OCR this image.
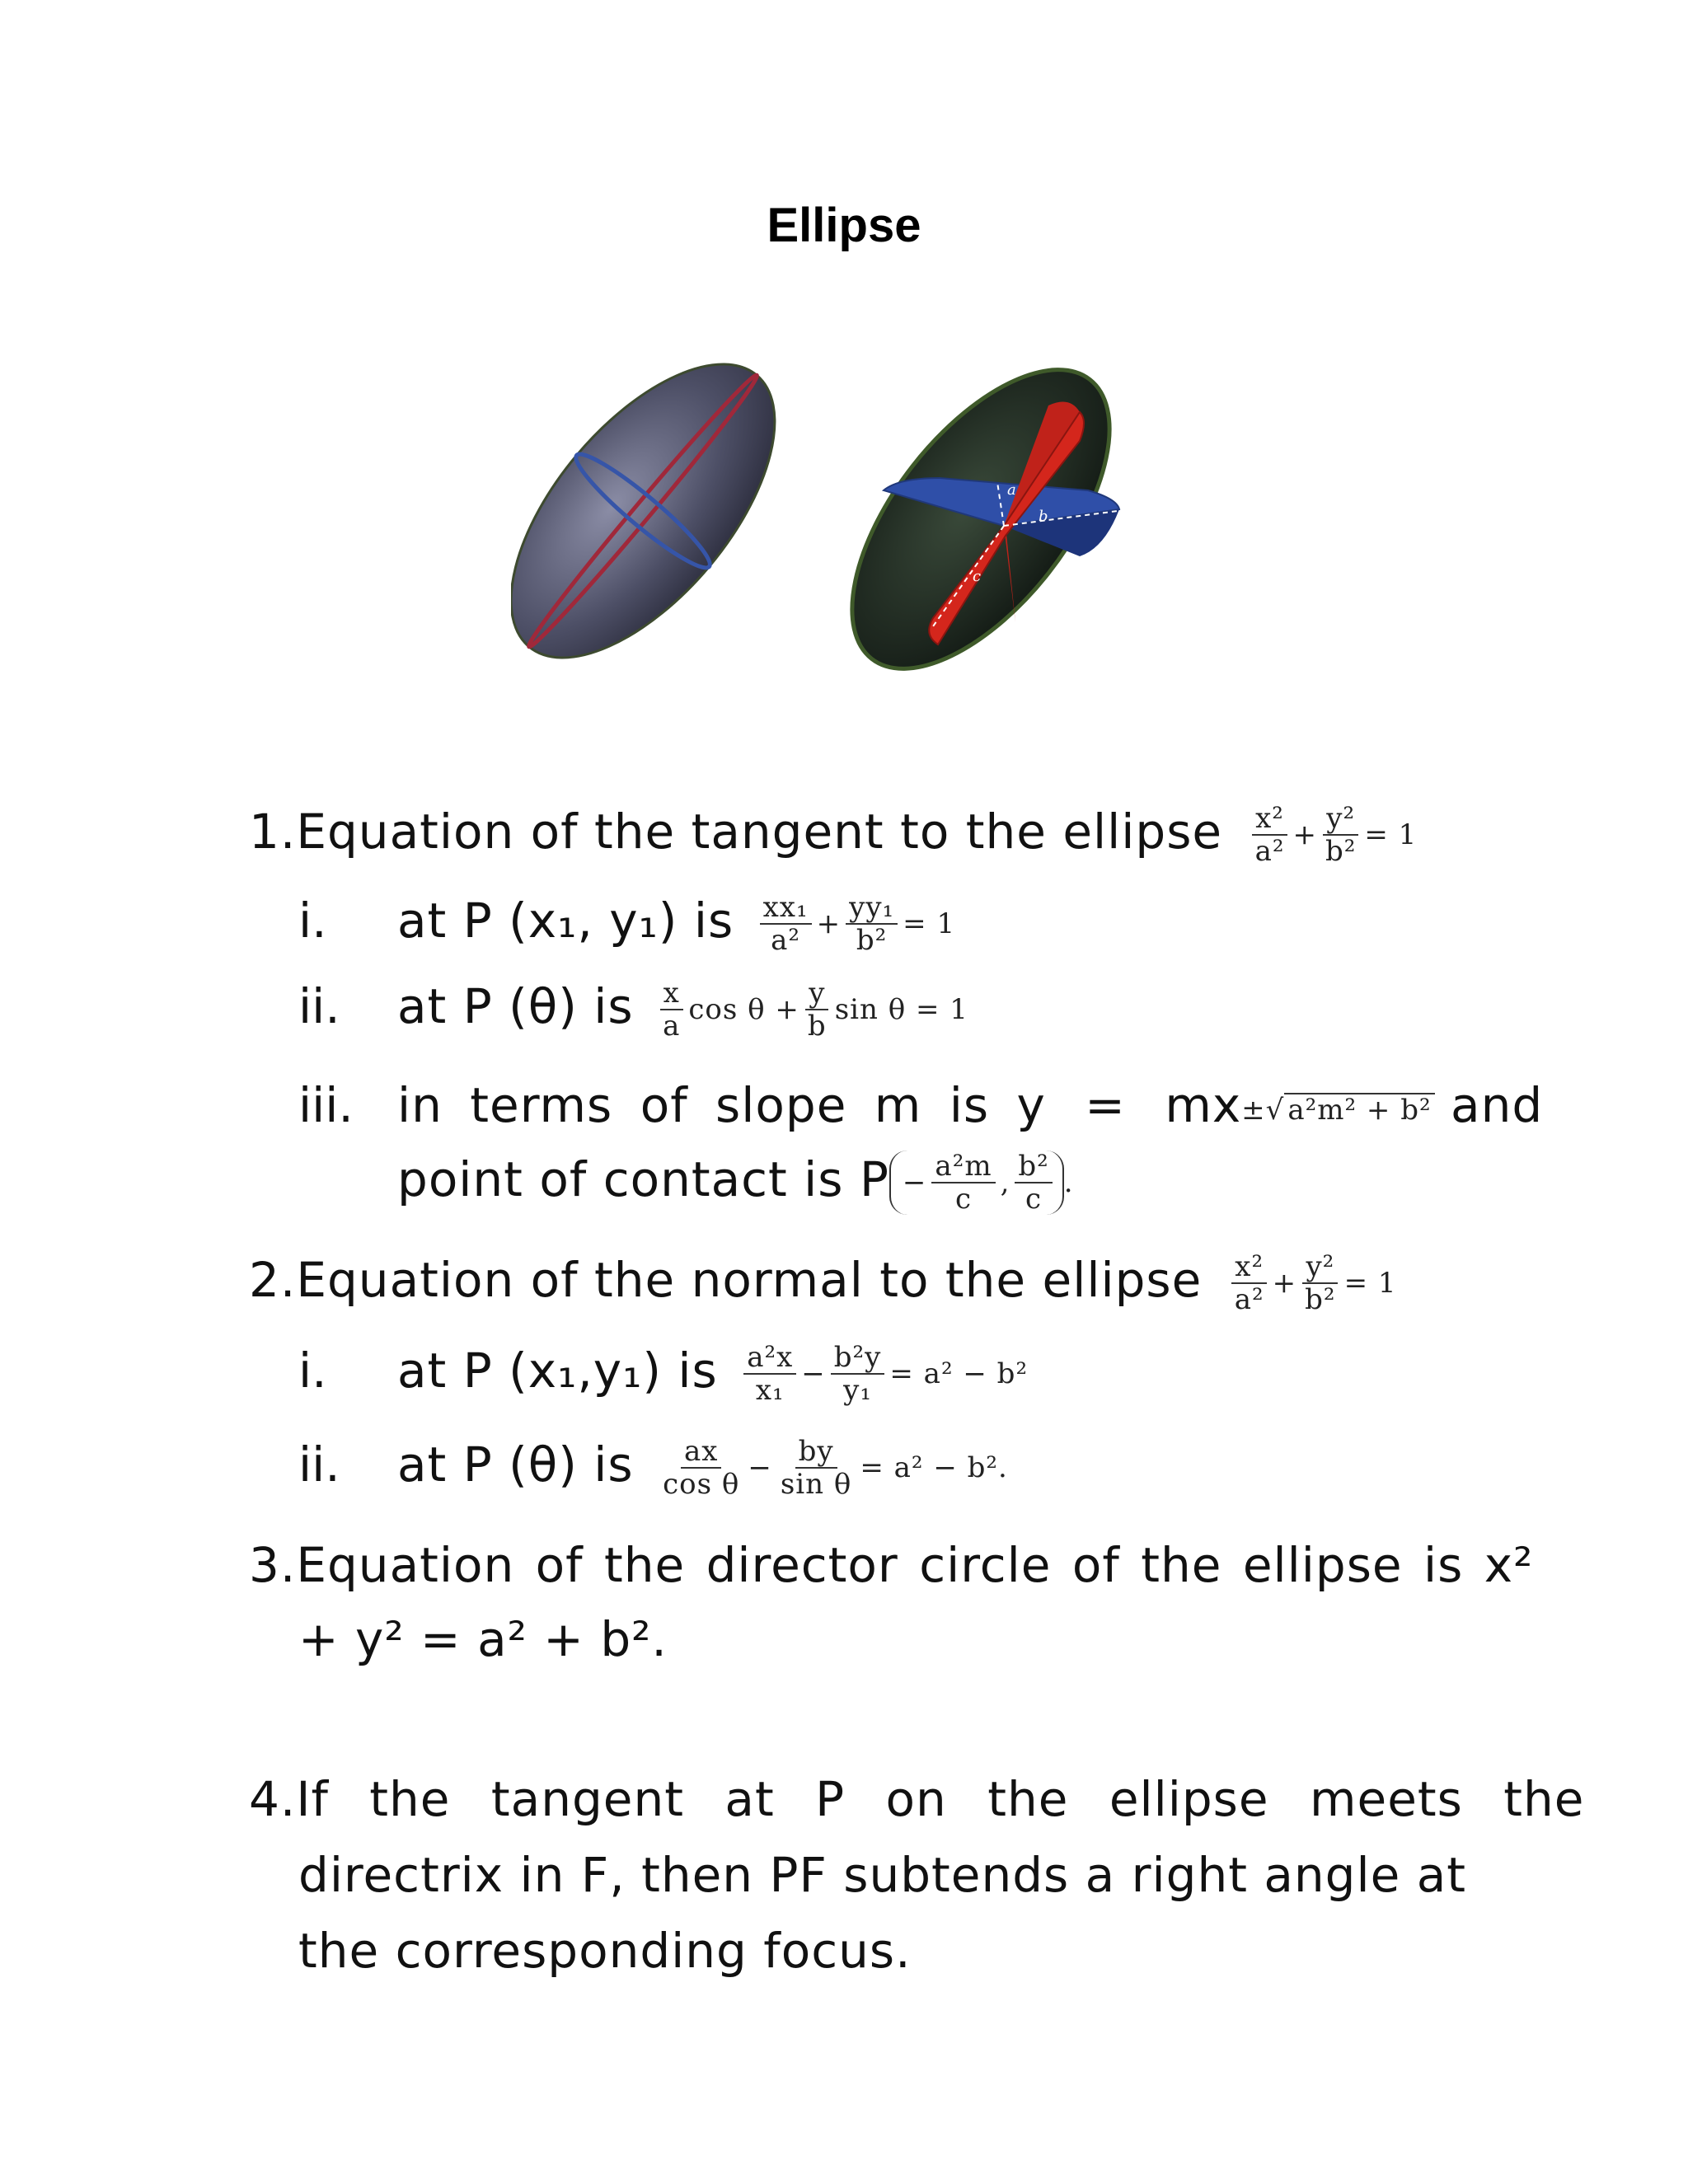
Ellipse
a
b
c
1.Equation of the tangent to the ellipse $\frac{\text{x²}}{\text{a²}} + \frac{\text{y²}}{\text{b²}} = 1$
i. at P (x₁, y₁) is $\frac{\text{xx₁}}{\text{a²}} + \frac{\text{yy₁}}{\text{b²}} = 1$
ii. at P (θ) is $\frac{x}{a}$ $\cos \theta + \frac{y}{b}$ sin θ = 1
iii. in terms of slope m is y = mx±√ a²m² + b² and
point of contact is $P - \frac{\text{a²m}}{c}$ , $\frac{\text{b²}}{c}$ .
2.Equation of the normal to the ellipse $\frac{\text{x²}}{\text{a²}} + \frac{\text{y²}}{\text{b²}} = 1$
i. at P (x₁,y₁) is $\frac{\text{a²x}}{\text{x₁}} - \frac{\text{b²y}}{\text{y₁}} = a^2 - b^2$
ii. at P (θ) is $\frac{ax}{\text{cos θ}} - \frac{by}{\text{sin θ}} = a^2 - b^2$.
3.Equation of the director circle of the ellipse is x²
+ y² = a² + b².
4.If the tangent at P on the ellipse meets the
directrix in F, then PF subtends a right angle at
the corresponding focus.
